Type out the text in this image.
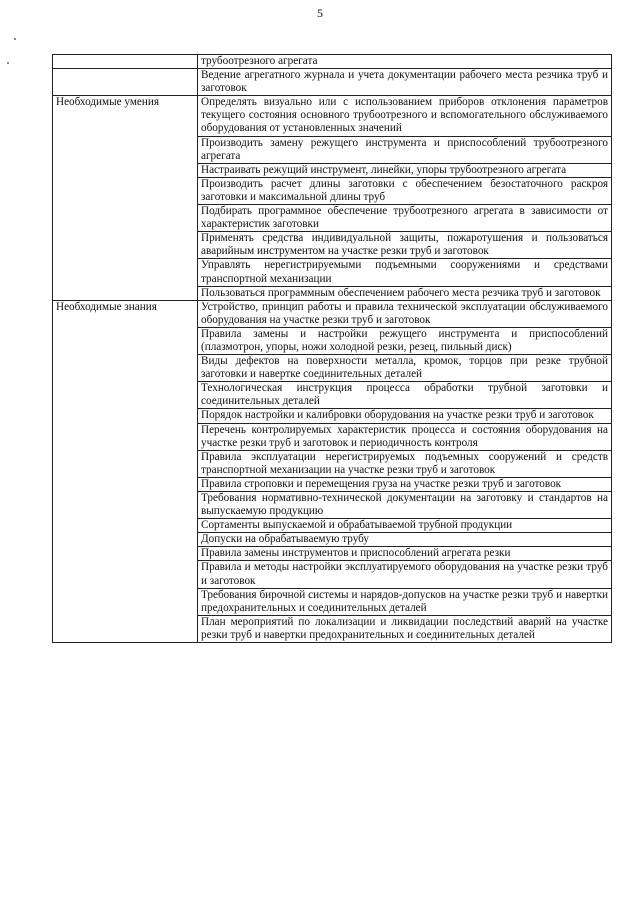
5
	трубоотрезного агрегата
	Ведение агрегатного журнала и учета документации рабочего места резчика труб и заготовок
Необходимые умения	Определять визуально или с использованием приборов отклонения параметров текущего состояния основного трубоотрезного и вспомогательного обслуживаемого оборудования от установленных значений
	Производить замену режущего инструмента и приспособлений трубоотрезного агрегата
	Настраивать режущий инструмент, линейки, упоры трубоотрезного агрегата
	Производить расчет длины заготовки с обеспечением безостаточного раскроя заготовки и максимальной длины труб
	Подбирать программное обеспечение трубоотрезного агрегата в зависимости от характеристик заготовки
	Применять средства индивидуальной защиты, пожаротушения и пользоваться аварийным инструментом на участке резки труб и заготовок
	Управлять нерегистрируемыми подъемными сооружениями и средствами транспортной механизации
	Пользоваться программным обеспечением рабочего места резчика труб и заготовок
Необходимые знания	Устройство, принцип работы и правила технической эксплуатации обслуживаемого оборудования на участке резки труб и заготовок
	Правила замены и настройки режущего инструмента и приспособлений (плазмотрон, упоры, ножи холодной резки, резец, пильный диск)
	Виды дефектов на поверхности металла, кромок, торцов при резке трубной заготовки и навертке соединительных деталей
	Технологическая инструкция процесса обработки трубной заготовки и соединительных деталей
	Порядок настройки и калибровки оборудования на участке резки труб и заготовок
	Перечень контролируемых характеристик процесса и состояния оборудования на участке резки труб и заготовок и периодичность контроля
	Правила эксплуатации нерегистрируемых подъемных сооружений и средств транспортной механизации на участке резки труб и заготовок
	Правила строповки и перемещения груза на участке резки труб и заготовок
	Требования нормативно-технической документации на заготовку и стандартов на выпускаемую продукцию
	Сортаменты выпускаемой и обрабатываемой трубной продукции
	Допуски на обрабатываемую трубу
	Правила замены инструментов и приспособлений агрегата резки
	Правила и методы настройки эксплуатируемого оборудования на участке резки труб и заготовок
	Требования бирочной системы и нарядов-допусков на участке резки труб и навертки предохранительных и соединительных деталей
	План мероприятий по локализации и ликвидации последствий аварий на участке резки труб и навертки предохранительных и соединительных деталей
